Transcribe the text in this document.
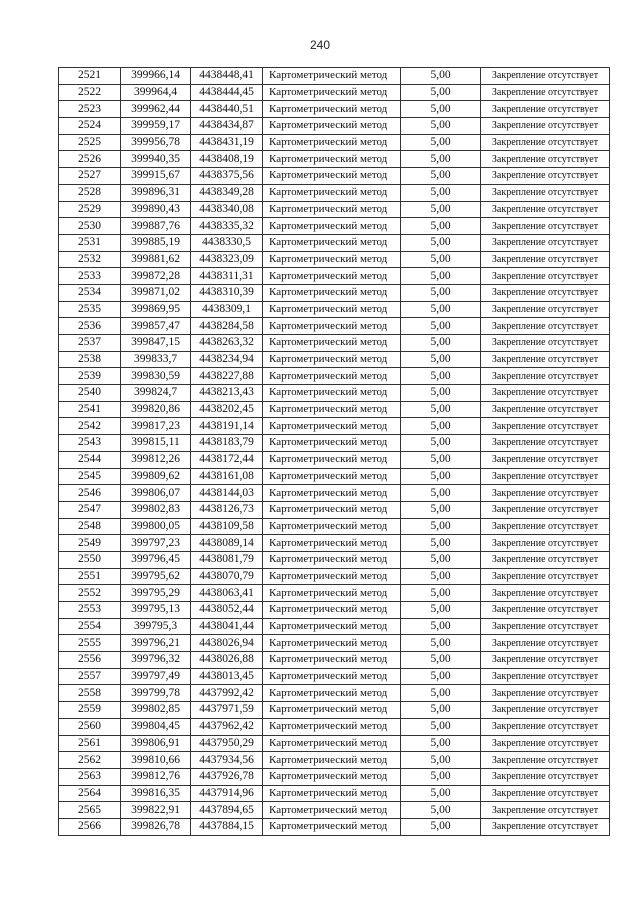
240
2521	399966,14	4438448,41	Картометрический метод	5,00	Закрепление отсутствует
2522	399964,4	4438444,45	Картометрический метод	5,00	Закрепление отсутствует
2523	399962,44	4438440,51	Картометрический метод	5,00	Закрепление отсутствует
2524	399959,17	4438434,87	Картометрический метод	5,00	Закрепление отсутствует
2525	399956,78	4438431,19	Картометрический метод	5,00	Закрепление отсутствует
2526	399940,35	4438408,19	Картометрический метод	5,00	Закрепление отсутствует
2527	399915,67	4438375,56	Картометрический метод	5,00	Закрепление отсутствует
2528	399896,31	4438349,28	Картометрический метод	5,00	Закрепление отсутствует
2529	399890,43	4438340,08	Картометрический метод	5,00	Закрепление отсутствует
2530	399887,76	4438335,32	Картометрический метод	5,00	Закрепление отсутствует
2531	399885,19	4438330,5	Картометрический метод	5,00	Закрепление отсутствует
2532	399881,62	4438323,09	Картометрический метод	5,00	Закрепление отсутствует
2533	399872,28	4438311,31	Картометрический метод	5,00	Закрепление отсутствует
2534	399871,02	4438310,39	Картометрический метод	5,00	Закрепление отсутствует
2535	399869,95	4438309,1	Картометрический метод	5,00	Закрепление отсутствует
2536	399857,47	4438284,58	Картометрический метод	5,00	Закрепление отсутствует
2537	399847,15	4438263,32	Картометрический метод	5,00	Закрепление отсутствует
2538	399833,7	4438234,94	Картометрический метод	5,00	Закрепление отсутствует
2539	399830,59	4438227,88	Картометрический метод	5,00	Закрепление отсутствует
2540	399824,7	4438213,43	Картометрический метод	5,00	Закрепление отсутствует
2541	399820,86	4438202,45	Картометрический метод	5,00	Закрепление отсутствует
2542	399817,23	4438191,14	Картометрический метод	5,00	Закрепление отсутствует
2543	399815,11	4438183,79	Картометрический метод	5,00	Закрепление отсутствует
2544	399812,26	4438172,44	Картометрический метод	5,00	Закрепление отсутствует
2545	399809,62	4438161,08	Картометрический метод	5,00	Закрепление отсутствует
2546	399806,07	4438144,03	Картометрический метод	5,00	Закрепление отсутствует
2547	399802,83	4438126,73	Картометрический метод	5,00	Закрепление отсутствует
2548	399800,05	4438109,58	Картометрический метод	5,00	Закрепление отсутствует
2549	399797,23	4438089,14	Картометрический метод	5,00	Закрепление отсутствует
2550	399796,45	4438081,79	Картометрический метод	5,00	Закрепление отсутствует
2551	399795,62	4438070,79	Картометрический метод	5,00	Закрепление отсутствует
2552	399795,29	4438063,41	Картометрический метод	5,00	Закрепление отсутствует
2553	399795,13	4438052,44	Картометрический метод	5,00	Закрепление отсутствует
2554	399795,3	4438041,44	Картометрический метод	5,00	Закрепление отсутствует
2555	399796,21	4438026,94	Картометрический метод	5,00	Закрепление отсутствует
2556	399796,32	4438026,88	Картометрический метод	5,00	Закрепление отсутствует
2557	399797,49	4438013,45	Картометрический метод	5,00	Закрепление отсутствует
2558	399799,78	4437992,42	Картометрический метод	5,00	Закрепление отсутствует
2559	399802,85	4437971,59	Картометрический метод	5,00	Закрепление отсутствует
2560	399804,45	4437962,42	Картометрический метод	5,00	Закрепление отсутствует
2561	399806,91	4437950,29	Картометрический метод	5,00	Закрепление отсутствует
2562	399810,66	4437934,56	Картометрический метод	5,00	Закрепление отсутствует
2563	399812,76	4437926,78	Картометрический метод	5,00	Закрепление отсутствует
2564	399816,35	4437914,96	Картометрический метод	5,00	Закрепление отсутствует
2565	399822,91	4437894,65	Картометрический метод	5,00	Закрепление отсутствует
2566	399826,78	4437884,15	Картометрический метод	5,00	Закрепление отсутствует
